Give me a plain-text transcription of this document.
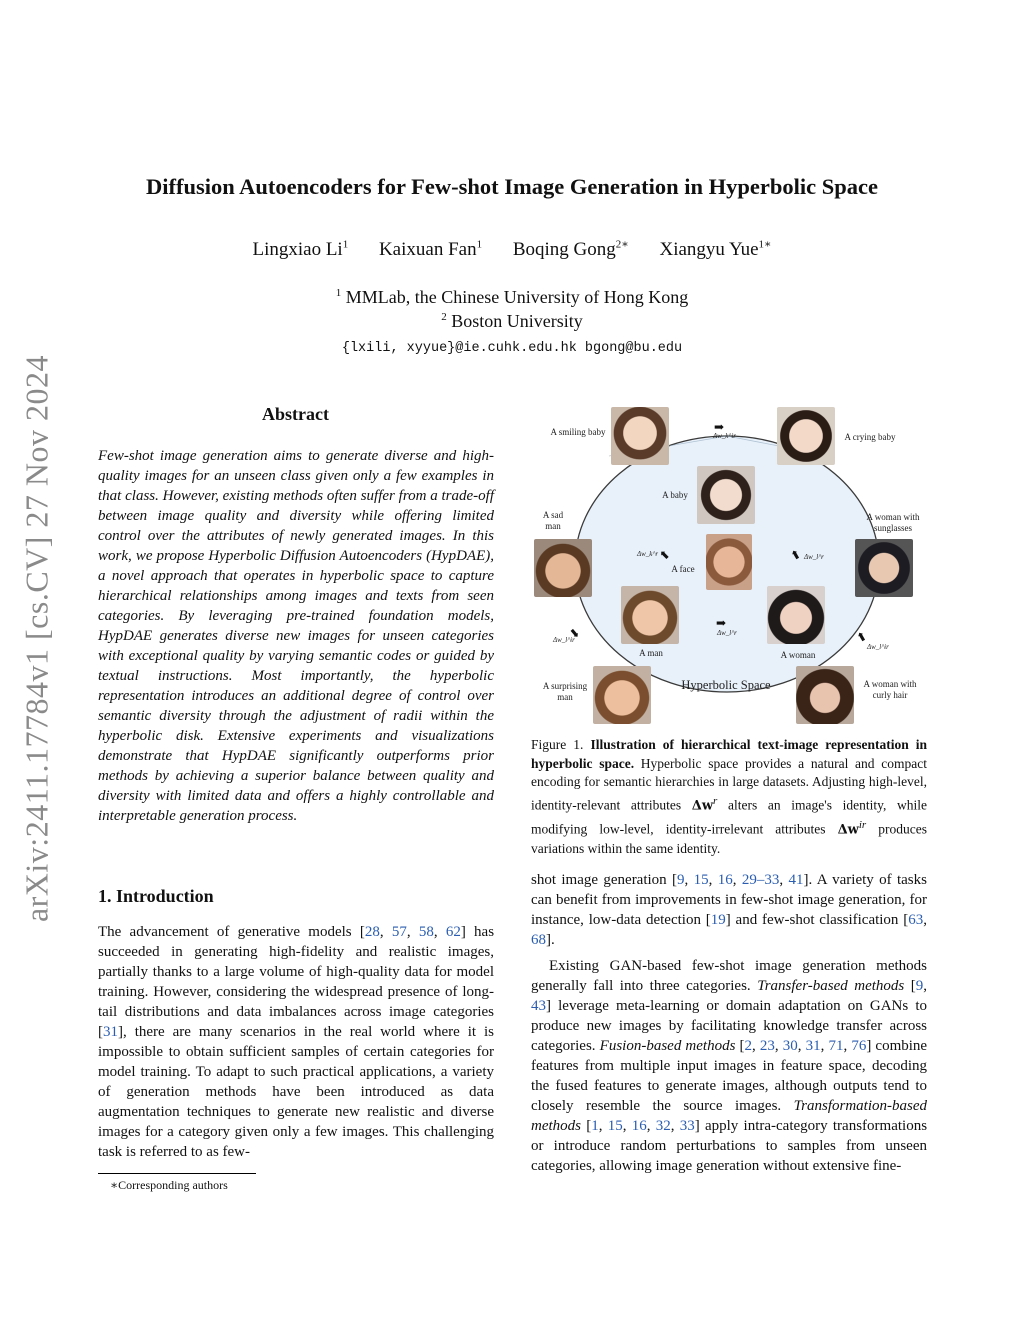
arXiv:2411.17784v1 [cs.CV] 27 Nov 2024
Diffusion Autoencoders for Few-shot Image Generation in Hyperbolic Space
Lingxiao Li$^1$ Kaixuan Fan$^1$ Boqing Gong$^{2∗}$ Xiangyu Yue$^{1∗}$
$^1$ MMLab, the Chinese University of Hong Kong
$^2$ Boston University
{lxili, xyyue}@ie.cuhk.edu.hk bgong@bu.edu
Abstract
Few-shot image generation aims to generate diverse and high-quality images for an unseen class given only a few examples in that class. However, existing methods often suffer from a trade-off between image quality and diversity while offering limited control over the attributes of newly generated images. In this work, we propose Hyperbolic Diffusion Autoencoders (HypDAE), a novel approach that operates in hyperbolic space to capture hierarchical relationships among images and texts from seen categories. By leveraging pre-trained foundation models, HypDAE generates diverse new images for unseen categories with exceptional quality by varying semantic codes or guided by textual instructions. Most importantly, the hyperbolic representation introduces an additional degree of control over semantic diversity through the adjustment of radii within the hyperbolic disk. Extensive experiments and visualizations demonstrate that HypDAE significantly outperforms prior methods by achieving a superior balance between quality and diversity with limited data and offers a highly controllable and interpretable generation process.
1. Introduction
The advancement of generative models [28, 57, 58, 62] has succeeded in generating high-fidelity and realistic images, partially thanks to a large volume of high-quality data for model training. However, considering the widespread presence of long-tail distributions and data imbalances across image categories [31], there are many scenarios in the real world where it is impossible to obtain sufficient samples of certain categories for model training. To adapt to such practical applications, a variety of generation methods have been introduced as data augmentation techniques to generate new realistic and diverse images for a category given only a few images. This challenging task is referred to as few-
∗Corresponding authors
A smiling baby	A crying baby
A baby
A sad man
A woman with sunglasses
A face
A man	A woman
A surprising man
A woman with curly hair
Hyperbolic Space
➡
Δw_k^ir
⬆
Δw_k^r	⬆ Δw_l^r
➡
Δw_l^r
⬆
Δw_l^ir	⬆
Δw_l^ir
Figure 1. Illustration of hierarchical text-image representation in hyperbolic space. Hyperbolic space provides a natural and compact encoding for semantic hierarchies in large datasets. Adjusting high-level, identity-relevant attributes $\Delta w^r$ alters an image's identity, while modifying low-level, identity-irrelevant attributes $\Delta w^{ir}$ produces variations within the same identity.
shot image generation [9, 15, 16, 29–33, 41]. A variety of tasks can benefit from improvements in few-shot image generation, for instance, low-data detection [19] and few-shot classification [63, 68].
Existing GAN-based few-shot image generation methods generally fall into three categories. Transfer-based methods [9, 43] leverage meta-learning or domain adaptation on GANs to produce new images by facilitating knowledge transfer across categories. Fusion-based methods [2, 23, 30, 31, 71, 76] combine features from multiple input images in feature space, decoding the fused features to generate images, although outputs tend to closely resemble the source images. Transformation-based methods [1, 15, 16, 32, 33] apply intra-category transformations or introduce random perturbations to samples from unseen categories, allowing image generation without extensive fine-
